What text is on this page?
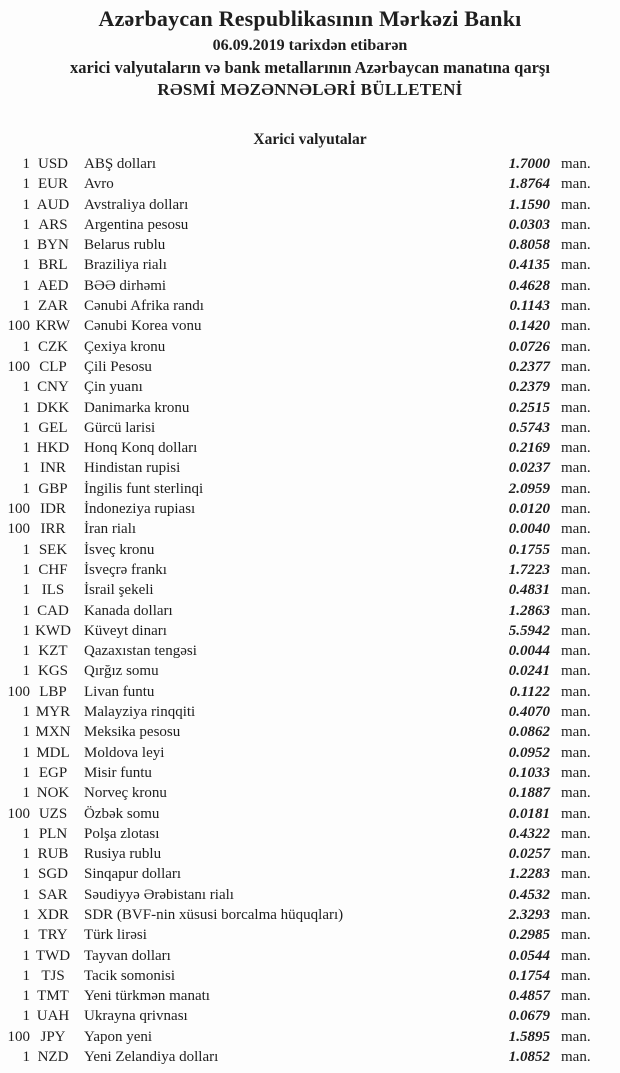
Azərbaycan Respublikasının Mərkəzi Bankı
06.09.2019 tarixdən etibarən
xarici valyutaların və bank metallarının Azərbaycan manatına qarşı
RƏSMİ MƏZƏNNƏLƏRİ BÜLLETENİ
Xarici valyutalar
1 USD	ABŞ dolları	1.7000 man.
1 EUR	Avro	1.8764 man.
1 AUD Avstraliya dolları	1.1590 man.
1 ARS	Argentina pesosu	0.0303 man.
1 BYN	Belarus rublu	0.8058 man.
1 BRL	Braziliya rialı	0.4135 man.
1 AED	BƏƏ dirhəmi	0.4628 man.
1 ZAR	Cənubi Afrika randı	0.1143 man.
100 KRW Cənubi Korea vonu	0.1420 man.
1 CZK	Çexiya kronu	0.0726 man.
100 CLP	Çili Pesosu	0.2377 man.
1 CNY	Çin yuanı	0.2379 man.
1 DKK Danimarka kronu	0.2515 man.
1 GEL	Gürcü larisi	0.5743 man.
1 HKD Honq Konq dolları	0.2169 man.
1 INR	Hindistan rupisi	0.0237 man.
1 GBP	İngilis funt sterlinqi	2.0959 man.
100 IDR	İndoneziya rupiası	0.0120 man.
100 IRR	İran rialı	0.0040 man.
1 SEK	İsveç kronu	0.1755 man.
1 CHF	İsveçrə frankı	1.7223 man.
1 ILS	İsrail şekeli	0.4831 man.
1 CAD	Kanada dolları	1.2863 man.
1 KWD Küveyt dinarı	5.5942 man.
1 KZT	Qazaxıstan tengəsi	0.0044 man.
1 KGS	Qırğız somu	0.0241 man.
100 LBP	Livan funtu	0.1122 man.
1 MYR Malayziya rinqqiti	0.4070 man.
1 MXN Meksika pesosu	0.0862 man.
1 MDL Moldova leyi	0.0952 man.
1 EGP	Misir funtu	0.1033 man.
1 NOK Norveç kronu	0.1887 man.
100 UZS	Özbək somu	0.0181 man.
1 PLN	Polşa zlotası	0.4322 man.
1 RUB	Rusiya rublu	0.0257 man.
1 SGD	Sinqapur dolları	1.2283 man.
1 SAR	Səudiyyə Ərəbistanı rialı	0.4532 man.
1 XDR	SDR (BVF-nin xüsusi borcalma hüquqları)	2.3293 man.
1 TRY	Türk lirəsi	0.2985 man.
1 TWD Tayvan dolları	0.0544 man.
1 TJS	Tacik somonisi	0.1754 man.
1 TMT	Yeni türkmən manatı	0.4857 man.
1 UAH Ukrayna qrivnası	0.0679 man.
100 JPY	Yapon yeni	1.5895 man.
1 NZD	Yeni Zelandiya dolları	1.0852 man.
